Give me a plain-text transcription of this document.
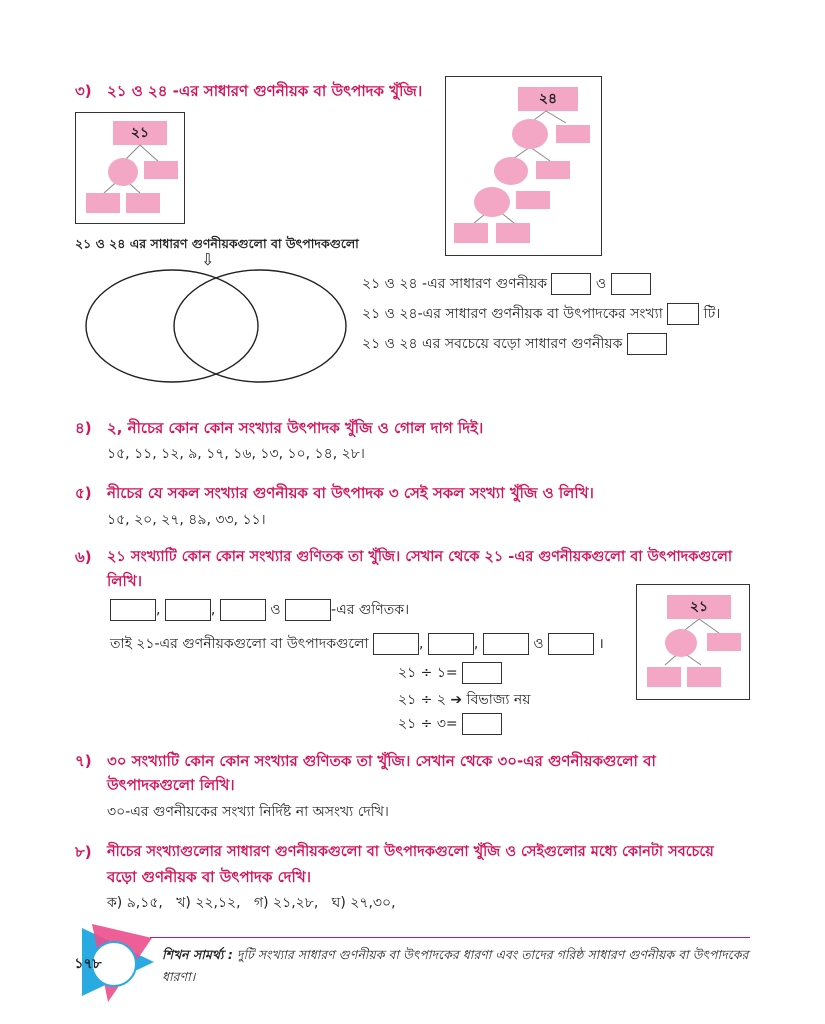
৩) ২১ ও ২৪ -এর সাধারণ গুণনীয়ক বা উৎপাদক খুঁজি।
২১
২৪
২১ ও ২৪ এর সাধারণ গুণনীয়কগুলো বা উৎপাদকগুলো
⇩
২১ ও ২৪ -এর সাধারণ গুণনীয়ক	ও
২১ ও ২৪-এর সাধারণ গুণনীয়ক বা উৎপাদকের সংখ্যা	টি।
২১ ও ২৪ এর সবচেয়ে বড়ো সাধারণ গুণনীয়ক
৪) ২, নীচের কোন কোন সংখ্যার উৎপাদক খুঁজি ও গোল দাগ দিই।
১৫, ১১, ১২, ৯, ১৭, ১৬, ১৩, ১০, ১৪, ২৮।
৫) নীচের যে সকল সংখ্যার গুণনীয়ক বা উৎপাদক ৩ সেই সকল সংখ্যা খুঁজি ও লিখি।
১৫, ২০, ২৭, ৪৯, ৩৩, ১১।
৬) ২১ সংখ্যাটি কোন কোন সংখ্যার গুণিতক তা খুঁজি। সেখান থেকে ২১ -এর গুণনীয়কগুলো বা উৎপাদকগুলো
লিখি।
,	,	ও	-এর গুণিতক।
তাই ২১-এর গুণনীয়কগুলো বা উৎপাদকগুলো	,	,	ও	।
২১ ÷ ১=
২১ ÷ ২ ➔ বিভাজ্য নয়
২১ ÷ ৩=
২১
৭) ৩০ সংখ্যাটি কোন কোন সংখ্যার গুণিতক তা খুঁজি। সেখান থেকে ৩০-এর গুণনীয়কগুলো বা
উৎপাদকগুলো লিখি।
৩০-এর গুণনীয়কের সংখ্যা নির্দিষ্ট না অসংখ্য দেখি।
৮) নীচের সংখ্যাগুলোর সাধারণ গুণনীয়কগুলো বা উৎপাদকগুলো খুঁজি ও সেইগুলোর মধ্যে কোনটা সবচেয়ে
বড়ো গুণনীয়ক বা উৎপাদক দেখি।
ক) ৯,১৫,   খ) ২২,১২,   গ) ২১,২৮,   ঘ) ২৭,৩০,
১৭৮
শিখন সামর্থ্য : দুটি সংখ্যার সাধারণ গুণনীয়ক বা উৎপাদকের ধারণা এবং তাদের গরিষ্ঠ সাধারণ গুণনীয়ক বা উৎপাদকের ধারণা।
